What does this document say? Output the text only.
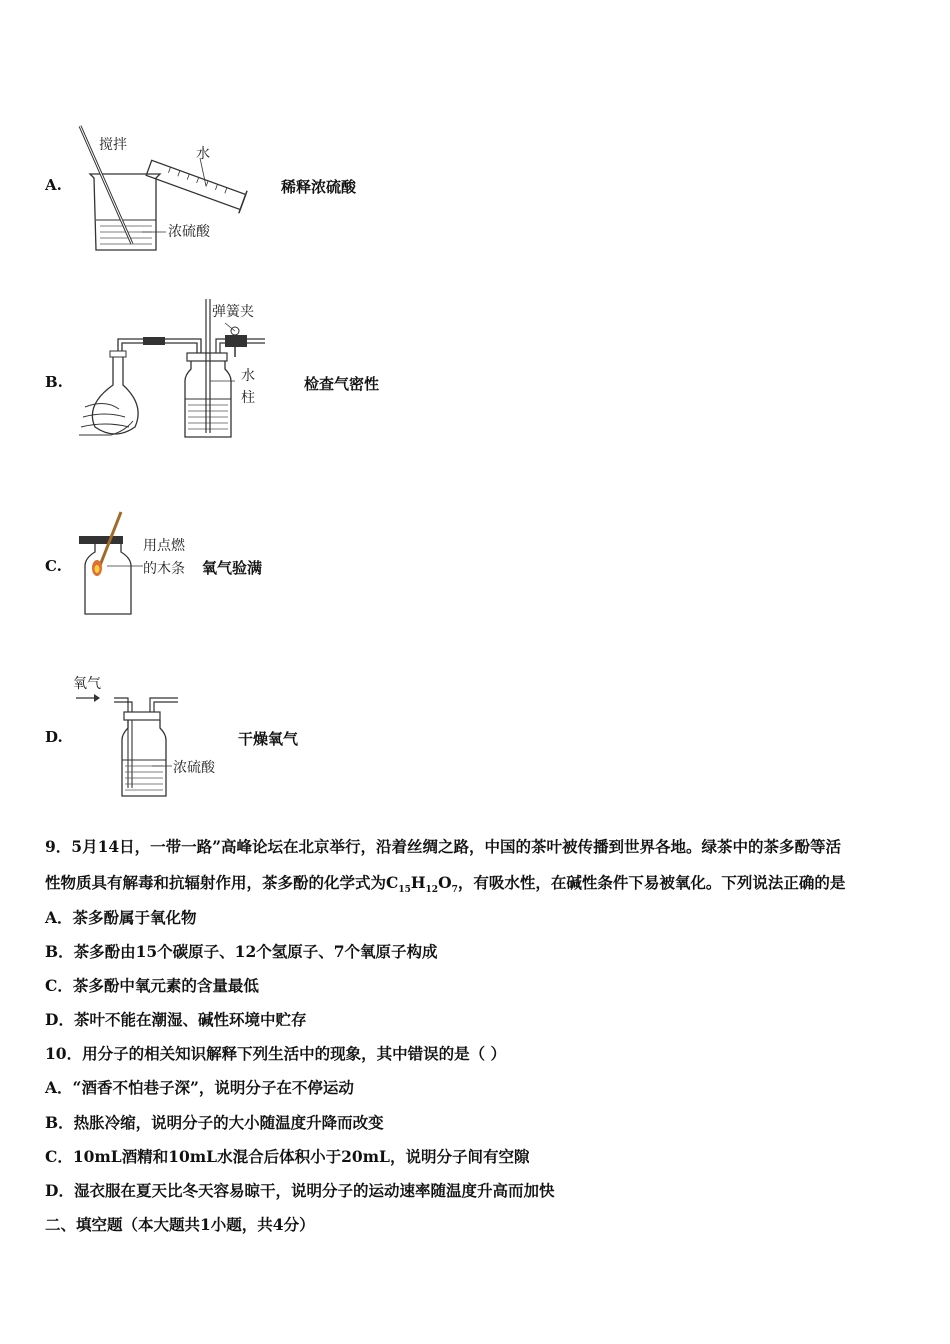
A.
搅拌
水
浓硫酸
稀释浓硫酸
B.
弹簧夹
水
柱
检查气密性
C.
用点燃
的木条 氧气验满
D.
氧气
浓硫酸
干燥氧气
9．5月14日，一带一路”高峰论坛在北京举行，沿着丝绸之路，中国的茶叶被传播到世界各地。绿茶中的茶多酚等活
性物质具有解毒和抗辐射作用，茶多酚的化学式为$C_{15}H_{12}O_7$，有吸水性，在碱性条件下易被氧化。下列说法正确的是
A．茶多酚属于氧化物
B．茶多酚由15个碳原子、12个氢原子、7个氧原子构成
C．茶多酚中氧元素的含量最低
D．茶叶不能在潮湿、碱性环境中贮存
10．用分子的相关知识解释下列生活中的现象，其中错误的是（ ）
A．“酒香不怕巷子深”，说明分子在不停运动
B．热胀冷缩，说明分子的大小随温度升降而改变
C．10mL酒精和10mL水混合后体积小于20mL，说明分子间有空隙
D．湿衣服在夏天比冬天容易晾干，说明分子的运动速率随温度升高而加快
二、填空题（本大题共1小题，共4分）
